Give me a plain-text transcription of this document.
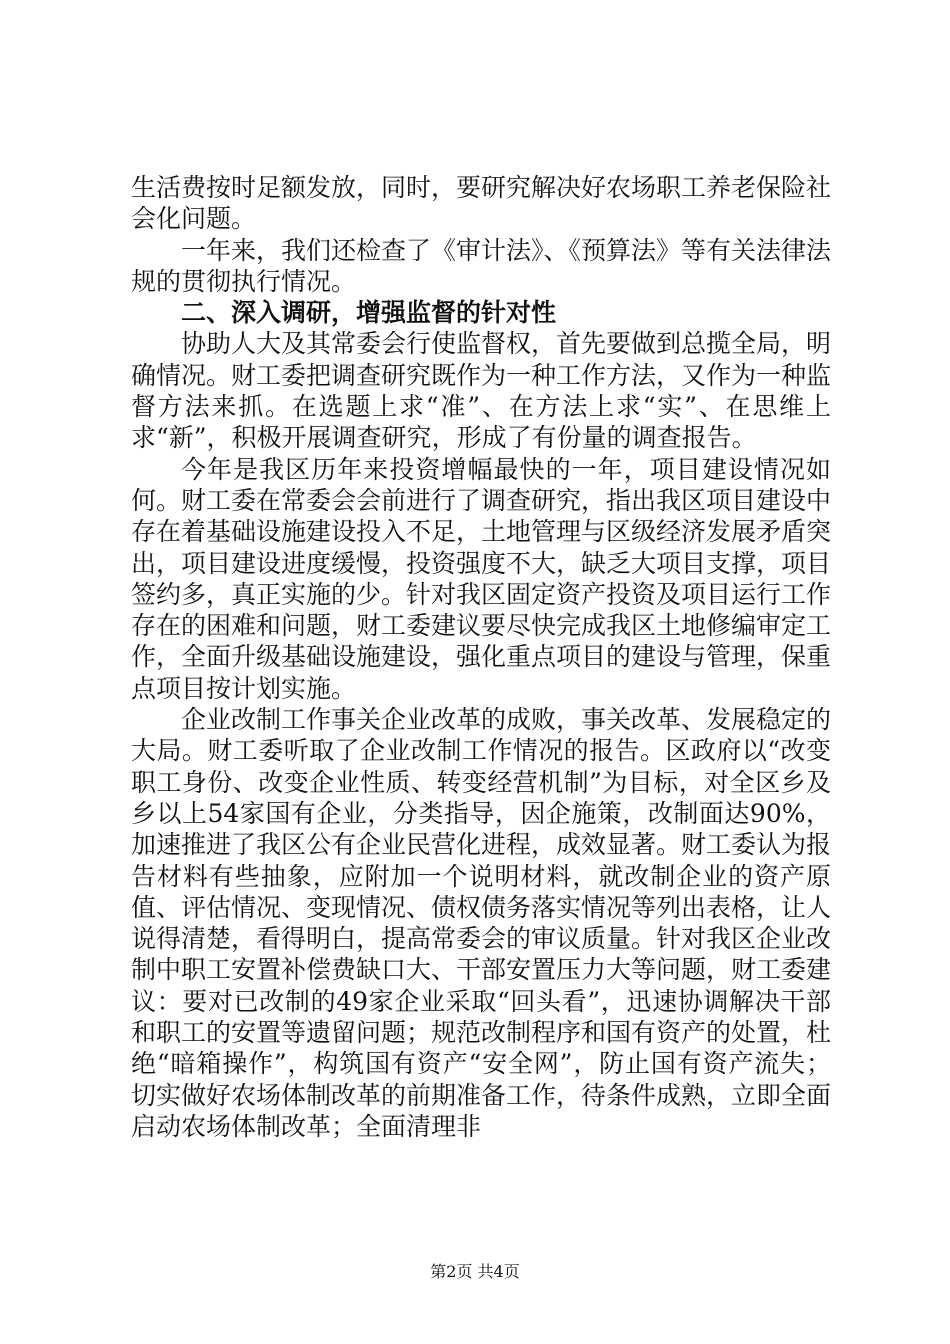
生活费按时足额发放，同时，要研究解决好农场职工养老保险社会化问题。

一年来，我们还检查了《审计法》、《预算法》等有关法律法规的贯彻执行情况。

二、深入调研，增强监督的针对性

协助人大及其常委会行使监督权，首先要做到总揽全局，明确情况。财工委把调查研究既作为一种工作方法，又作为一种监督方法来抓。在选题上求“准”、在方法上求“实”、在思维上求“新”，积极开展调查研究，形成了有份量的调查报告。

今年是我区历年来投资增幅最快的一年，项目建设情况如何。财工委在常委会会前进行了调查研究，指出我区项目建设中存在着基础设施建设投入不足，土地管理与区级经济发展矛盾突出，项目建设进度缓慢，投资强度不大，缺乏大项目支撑，项目签约多，真正实施的少。针对我区固定资产投资及项目运行工作存在的困难和问题，财工委建议要尽快完成我区土地修编审定工作，全面升级基础设施建设，强化重点项目的建设与管理，保重点项目按计划实施。

企业改制工作事关企业改革的成败，事关改革、发展稳定的大局。财工委听取了企业改制工作情况的报告。区政府以“改变职工身份、改变企业性质、转变经营机制”为目标，对全区乡及乡以上54家国有企业，分类指导，因企施策，改制面达90%，加速推进了我区公有企业民营化进程，成效显著。财工委认为报告材料有些抽象，应附加一个说明材料，就改制企业的资产原值、评估情况、变现情况、债权债务落实情况等列出表格，让人说得清楚，看得明白，提高常委会的审议质量。针对我区企业改制中职工安置补偿费缺口大、干部安置压力大等问题，财工委建议：要对已改制的49家企业采取“回头看”，迅速协调解决干部和职工的安置等遗留问题；规范改制程序和国有资产的处置，杜绝“暗箱操作”，构筑国有资产“安全网”，防止国有资产流失；切实做好农场体制改革的前期准备工作，待条件成熟，立即全面启动农场体制改革；全面清理非

第2页 共4页
